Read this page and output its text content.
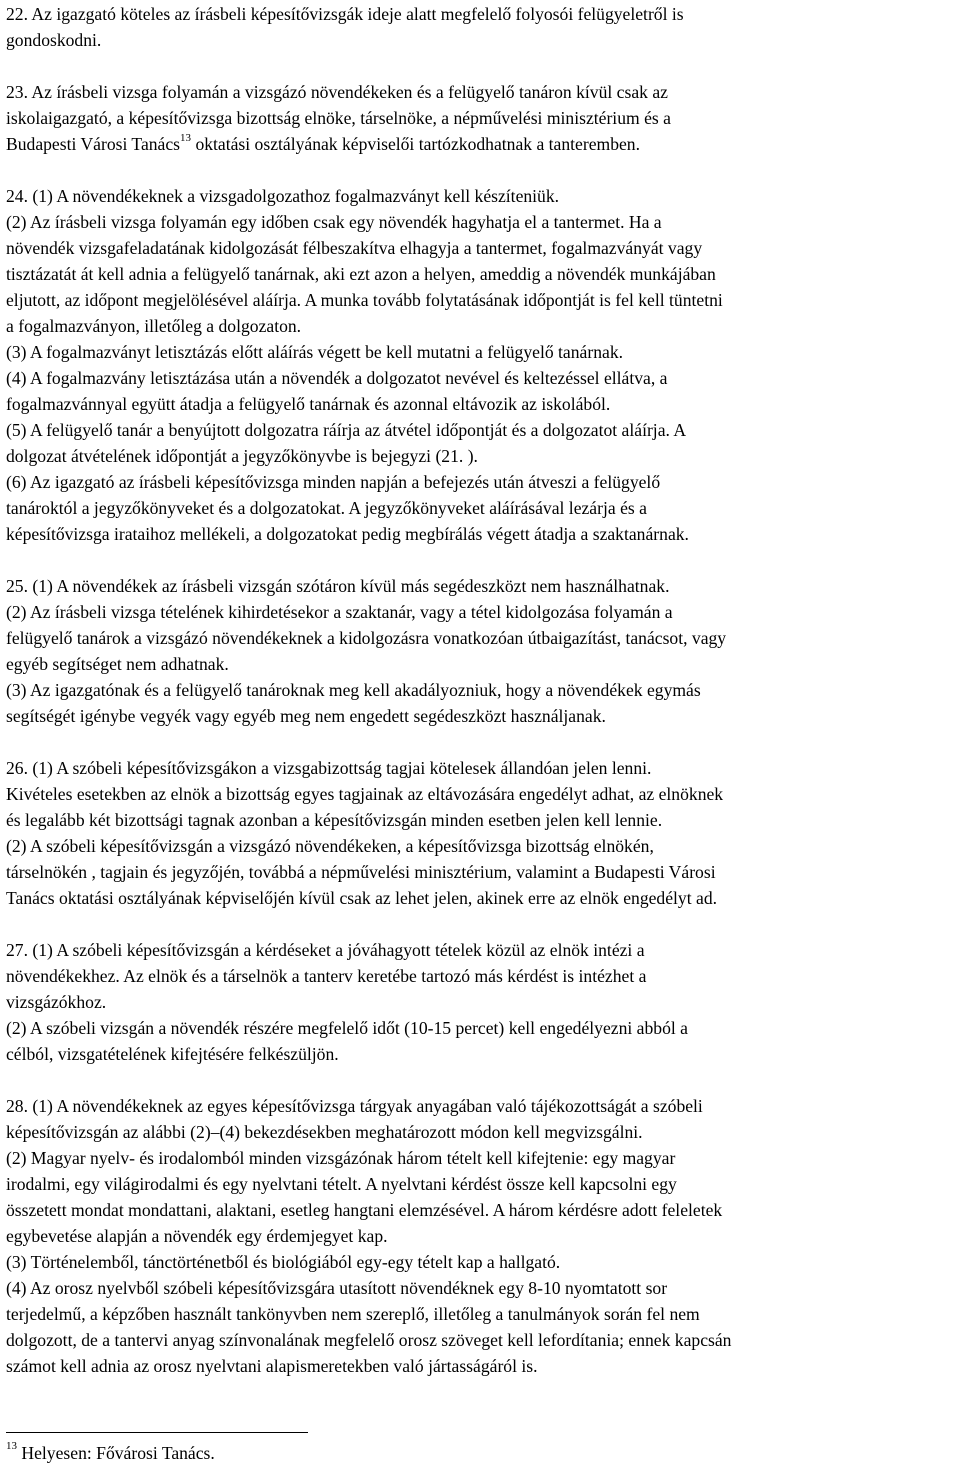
22. Az igazgató köteles az írásbeli képesítővizsgák ideje alatt megfelelő folyosói felügyeletről is
gondoskodni.
23. Az írásbeli vizsga folyamán a vizsgázó növendékeken és a felügyelő tanáron kívül csak az
iskolaigazgató, a képesítővizsga bizottság elnöke, társelnöke, a népművelési minisztérium és a
Budapesti Városi Tanács$^{13}$ oktatási osztályának képviselői tartózkodhatnak a tanteremben.
24. (1) A növendékeknek a vizsgadolgozathoz fogalmazványt kell készíteniük.
(2) Az írásbeli vizsga folyamán egy időben csak egy növendék hagyhatja el a tantermet. Ha a
növendék vizsgafeladatának kidolgozását félbeszakítva elhagyja a tantermet, fogalmazványát vagy
tisztázatát át kell adnia a felügyelő tanárnak, aki ezt azon a helyen, ameddig a növendék munkájában
eljutott, az időpont megjelölésével aláírja. A munka tovább folytatásának időpontját is fel kell tüntetni
a fogalmazványon, illetőleg a dolgozaton.
(3) A fogalmazványt letisztázás előtt aláírás végett be kell mutatni a felügyelő tanárnak.
(4) A fogalmazvány letisztázása után a növendék a dolgozatot nevével és keltezéssel ellátva, a
fogalmazvánnyal együtt átadja a felügyelő tanárnak és azonnal eltávozik az iskolából.
(5) A felügyelő tanár a benyújtott dolgozatra ráírja az átvétel időpontját és a dolgozatot aláírja. A
dolgozat átvételének időpontját a jegyzőkönyvbe is bejegyzi (21. ).
(6) Az igazgató az írásbeli képesítővizsga minden napján a befejezés után átveszi a felügyelő
tanároktól a jegyzőkönyveket és a dolgozatokat. A jegyzőkönyveket aláírásával lezárja és a
képesítővizsga irataihoz mellékeli, a dolgozatokat pedig megbírálás végett átadja a szaktanárnak.
25. (1) A növendékek az írásbeli vizsgán szótáron kívül más segédeszközt nem használhatnak.
(2) Az írásbeli vizsga tételének kihirdetésekor a szaktanár, vagy a tétel kidolgozása folyamán a
felügyelő tanárok a vizsgázó növendékeknek a kidolgozásra vonatkozóan útbaigazítást, tanácsot, vagy
egyéb segítséget nem adhatnak.
(3) Az igazgatónak és a felügyelő tanároknak meg kell akadályozniuk, hogy a növendékek egymás
segítségét igénybe vegyék vagy egyéb meg nem engedett segédeszközt használjanak.
26. (1) A szóbeli képesítővizsgákon a vizsgabizottság tagjai kötelesek állandóan jelen lenni.
Kivételes esetekben az elnök a bizottság egyes tagjainak az eltávozására engedélyt adhat, az elnöknek
és legalább két bizottsági tagnak azonban a képesítővizsgán minden esetben jelen kell lennie.
(2) A szóbeli képesítővizsgán a vizsgázó növendékeken, a képesítővizsga bizottság elnökén,
társelnökén , tagjain és jegyzőjén, továbbá a népművelési minisztérium, valamint a Budapesti Városi
Tanács oktatási osztályának képviselőjén kívül csak az lehet jelen, akinek erre az elnök engedélyt ad.
27. (1) A szóbeli képesítővizsgán a kérdéseket a jóváhagyott tételek közül az elnök intézi a
növendékekhez. Az elnök és a társelnök a tanterv keretébe tartozó más kérdést is intézhet a
vizsgázókhoz.
(2) A szóbeli vizsgán a növendék részére megfelelő időt (10-15 percet) kell engedélyezni abból a
célból, vizsgatételének kifejtésére felkészüljön.
28. (1) A növendékeknek az egyes képesítővizsga tárgyak anyagában való tájékozottságát a szóbeli
képesítővizsgán az alábbi (2)–(4) bekezdésekben meghatározott módon kell megvizsgálni.
(2) Magyar nyelv- és irodalomból minden vizsgázónak három tételt kell kifejtenie: egy magyar
irodalmi, egy világirodalmi és egy nyelvtani tételt. A nyelvtani kérdést össze kell kapcsolni egy
összetett mondat mondattani, alaktani, esetleg hangtani elemzésével. A három kérdésre adott feleletek
egybevetése alapján a növendék egy érdemjegyet kap.
(3) Történelemből, tánctörténetből és biológiából egy-egy tételt kap a hallgató.
(4) Az orosz nyelvből szóbeli képesítővizsgára utasított növendéknek egy 8-10 nyomtatott sor
terjedelmű, a képzőben használt tankönyvben nem szereplő, illetőleg a tanulmányok során fel nem
dolgozott, de a tantervi anyag színvonalának megfelelő orosz szöveget kell lefordítania; ennek kapcsán
számot kell adnia az orosz nyelvtani alapismeretekben való jártasságáról is.
$^{13}$ Helyesen: Fővárosi Tanács.
